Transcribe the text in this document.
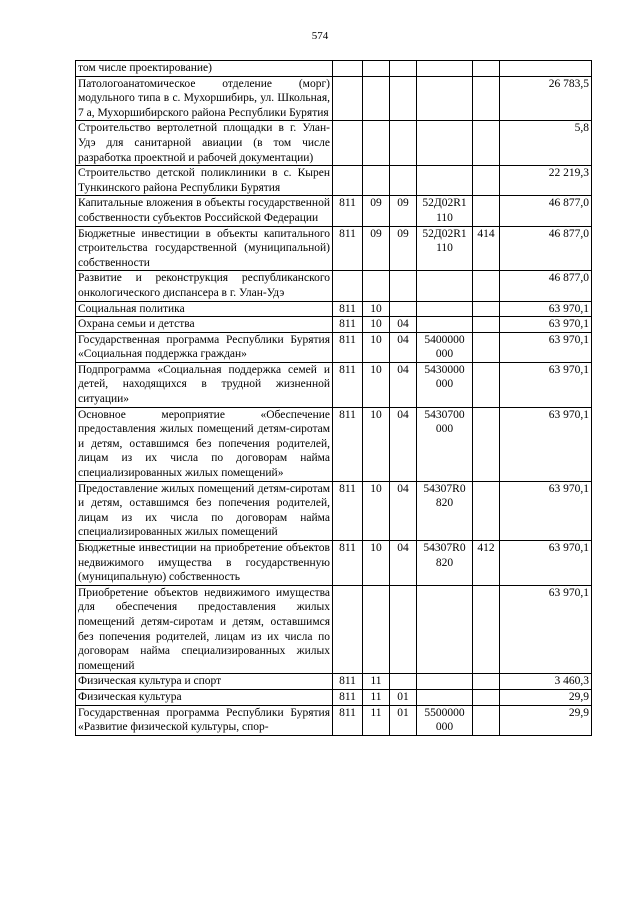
574
том числе проектирование)						
Патологоанатомическое отделение (морг) модульного типа в с. Мухоршибирь, ул. Школьная, 7 а, Мухоршибирского района Республики Бурятия						26 783,5
Строительство вертолетной площадки в г. Улан-Удэ для санитарной авиации (в том числе разработка проектной и рабочей документации)						5,8
Строительство детской поликлиники в с. Кырен Тункинского района Республики Бурятия						22 219,3
Капитальные вложения в объекты государственной собственности субъектов Российской Федерации	811	09	09	52Д02R1 110		46 877,0
Бюджетные инвестиции в объекты капитального строительства государственной (муниципальной) собственности	811	09	09	52Д02R1 110	414	46 877,0
Развитие и реконструкция республиканского онкологического диспансера в г. Улан-Удэ						46 877,0
Социальная политика	811	10				63 970,1
Охрана семьи и детства	811	10	04			63 970,1
Государственная программа Республики Бурятия «Социальная поддержка граждан»	811	10	04	5400000 000		63 970,1
Подпрограмма «Социальная поддержка семей и детей, находящихся в трудной жизненной ситуации»	811	10	04	5430000 000		63 970,1
Основное мероприятие «Обеспечение предоставления жилых помещений детям-сиротам и детям, оставшимся без попечения родителей, лицам из их числа по договорам найма специализированных жилых помещений»	811	10	04	5430700 000		63 970,1
Предоставление жилых помещений детям-сиротам и детям, оставшимся без попечения родителей, лицам из их числа по договорам найма специализированных жилых помещений	811	10	04	54307R0 820		63 970,1
Бюджетные инвестиции на приобретение объектов недвижимого имущества в государственную (муниципальную) собственность	811	10	04	54307R0 820	412	63 970,1
Приобретение объектов недвижимого имущества для обеспечения предоставления жилых помещений детям-сиротам и детям, оставшимся без попечения родителей, лицам из их числа по договорам найма специализированных жилых помещений						63 970,1
Физическая культура и спорт	811	11				3 460,3
Физическая культура	811	11	01			29,9
Государственная программа Республики Бурятия «Развитие физической культуры, спор-	811	11	01	5500000 000		29,9
